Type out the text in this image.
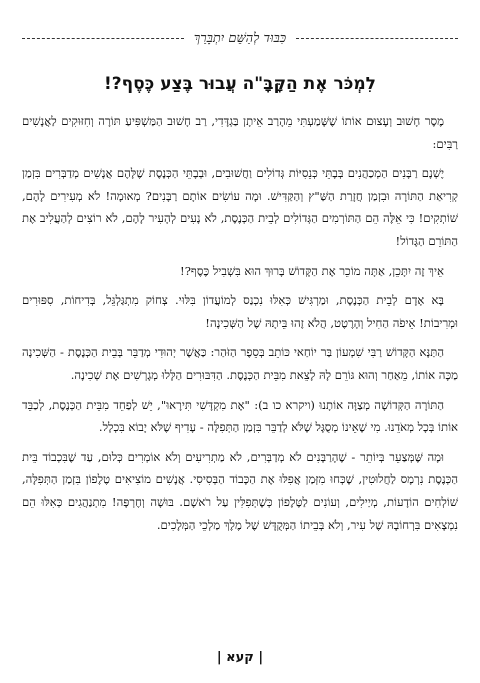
כִּבּוּד לְהַשֵּׁם יִתְבָּרַךְ
לִמְכֹּר אֶת הַקָּבָּ"ה עֲבוּר בֶּצַע כֶּסֶף?!

מֶסֶר חָשׁוּב וְעָצוּם אוֹתוֹ שֶׁשָּׁמַעְתִּי מֵהָרַב אֵיתָן בַּגְדָּדִי, רַב חָשׁוּב הַמַּשְׁפִּיעַ תּוֹרָה וְחִזּוּקִים לַאֲנָשִׁים רַבִּים:

יֶשְׁנָם רַבָּנִים הַמְכַהֲנִים בְּבָתֵּי כְּנֵסִיּוֹת גְּדוֹלִים וַחֲשׁוּבִים, וּבְבָתֵּי הַכְּנֶסֶת שֶׁלָּהֶם אֲנָשִׁים מְדַבְּרִים בִּזְמַן קְרִיאַת הַתּוֹרָה וּבִזְמַן חֲזָרַת הַשַּׁ"ץ וְהַקַּדִּישׁ. וּמָה עוֹשִׂים אוֹתָם רַבָּנִים? מְאוּמָה! לֹא מְעִירִים לָהֶם, שׁוֹתְקִים! כִּי אֵלֶּה הֵם הַתּוֹרְמִים הַגְּדוֹלִים לְבֵית הַכְּנֶסֶת, לֹא נָעִים לְהָעִיר לָהֶם, לֹא רוֹצִים לְהַעֲלִיב אֶת הַתּוֹרֵם הַגָּדוֹל!

אֵיךְ זֶה יִתָּכֵן, אַתָּה מוֹכֵר אֶת הַקָּדוֹשׁ בָּרוּךְ הוּא בִּשְׁבִיל כֶּסֶף?!

בָּא אָדָם לְבֵית הַכְּנֶסֶת, וּמַרְגִּישׁ כְּאִלּוּ נִכְנַס לְמוֹעֲדוֹן בִּלּוּי. צְחוֹק מִתְגַּלְגֵּל, בְּדִיחוֹת, סִפּוּרִים וּמְרִיבוֹת! אֵיפֹה הַחִיל וְהָרֶטֶט, הֲלֹא זֶהוּ בֵּיתָהּ שֶׁל הַשְּׁכִינָה!

הַתַּנָּא הַקָּדוֹשׁ רַבִּי שִׁמְעוֹן בַּר יוֹחַאי כּוֹתֵב בְּסֵפֶר הַזֹּהַר: כַּאֲשֶׁר יְהוּדִי מְדַבֵּר בְּבֵית הַכְּנֶסֶת - הַשְּׁכִינָה מַכָּה אוֹתוֹ, מֵאַחַר וְהוּא גּוֹרֵם לָהּ לָצֵאת מִבֵּית הַכְּנֶסֶת. הַדִּבּוּרִים הַלָּלוּ מְגָרְשִׁים אֶת שְׁכִינָה.

הַתּוֹרָה הַקְּדוֹשָׁה מְצַוָּה אוֹתָנוּ (ויקרא כו ב): "אֶת מִקְדָּשִׁי תִּירָאוּ", יֵשׁ לְפַחֵד מִבֵּית הַכְּנֶסֶת, לְכַבֵּד אוֹתוֹ בְּכָל מְאֹדֵנוּ. מִי שֶׁאֵינוֹ מְסֻגָּל שֶׁלֹּא לְדַבֵּר בִּזְמַן הַתְּפִלָּה - עָדִיף שֶׁלֹּא יָבוֹא בִּכְלָל.

וּמָה שֶּׁמְּצַעֵר בְּיוֹתֵר - שֶׁהָרַבָּנִים לֹא מְדַבְּרִים, לֹא מַתְרִיעִים וְלֹא אוֹמְרִים כְּלוּם, עַד שֶׁבִּכְבוֹד בֵּית הַכְּנֶסֶת נִרְמָס לַחֲלוּטִין, שֶׁכְּחוּ מִזְּמַן אֲפִלּוּ אֶת הַכָּבוֹד הַבְּסִיסִי. אֲנָשִׁים מוֹצִיאִים טֶלֶפוֹן בִּזְמַן הַתְּפִלָּה, שׁוֹלְחִים הוֹדָעוֹת, מְיַילִים, וְעוֹנִים לַטֶּלֶפוֹן כְּשֶׁתְּפִלִּין עַל רֹאשָׁם. בּוּשָׁה וְחֶרְפָּה! מִתְנַהֲגִים כְּאִלּוּ הֵם נִמְצָאִים בִּרְחוֹבָהּ שֶׁל עִיר, וְלֹא בְּבֵיתוֹ הַמְּקֻדָּשׁ שֶׁל מֶלֶךְ מַלְכֵי הַמְּלָכִים.

| קעא |
